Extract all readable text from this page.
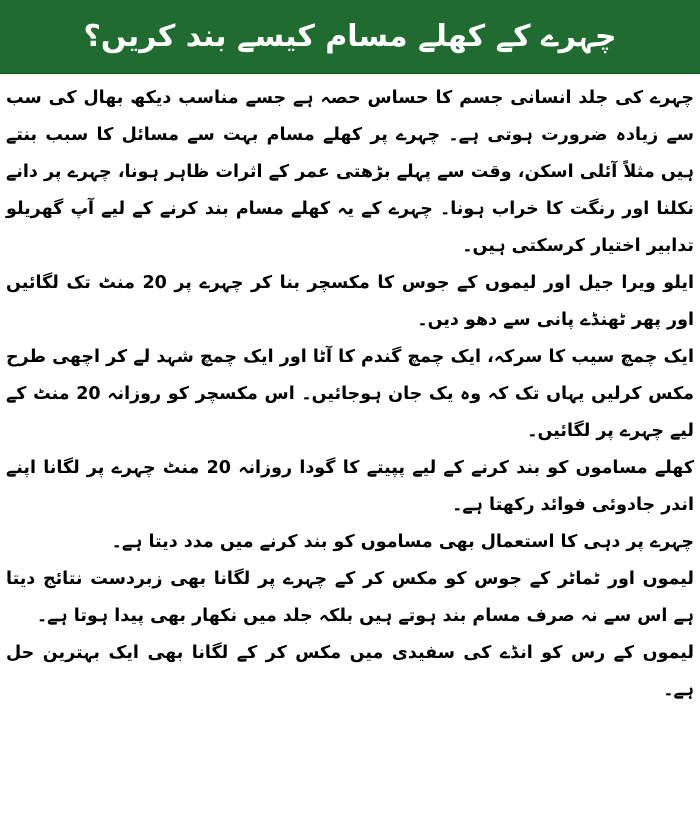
چہرے کے کھلے مسام کیسے بند کریں؟

چہرے کی جلد انسانی جسم کا حساس حصہ ہے جسے مناسب دیکھ بھال کی سب سے زیادہ ضرورت ہوتی ہے۔ چہرے پر کھلے مسام بہت سے مسائل کا سبب بنتے ہیں مثلاً آئلی اسکن، وقت سے پہلے بڑھتی عمر کے اثرات ظاہر ہونا، چہرے پر دانے نکلنا اور رنگت کا خراب ہونا۔ چہرے کے یہ کھلے مسام بند کرنے کے لیے آپ گھریلو تدابیر اختیار کرسکتی ہیں۔

ایلو ویرا جیل اور لیموں کے جوس کا مکسچر بنا کر چہرے پر 20 منٹ تک لگائیں اور پھر ٹھنڈے پانی سے دھو دیں۔

ایک چمچ سیب کا سرکہ، ایک چمچ گندم کا آٹا اور ایک چمچ شہد لے کر اچھی طرح مکس کرلیں یہاں تک کہ وہ یک جان ہوجائیں۔ اس مکسچر کو روزانہ 20 منٹ کے لیے چہرے پر لگائیں۔

کھلے مساموں کو بند کرنے کے لیے پپیتے کا گودا روزانہ 20 منٹ چہرے پر لگانا اپنے اندر جادوئی فوائد رکھتا ہے۔

چہرے پر دہی کا استعمال بھی مساموں کو بند کرنے میں مدد دیتا ہے۔

لیموں اور ٹماٹر کے جوس کو مکس کر کے چہرے پر لگانا بھی زبردست نتائج دیتا ہے اس سے نہ صرف مسام بند ہوتے ہیں بلکہ جلد میں نکھار بھی پیدا ہوتا ہے۔

لیموں کے رس کو انڈے کی سفیدی میں مکس کر کے لگانا بھی ایک بہترین حل ہے۔
